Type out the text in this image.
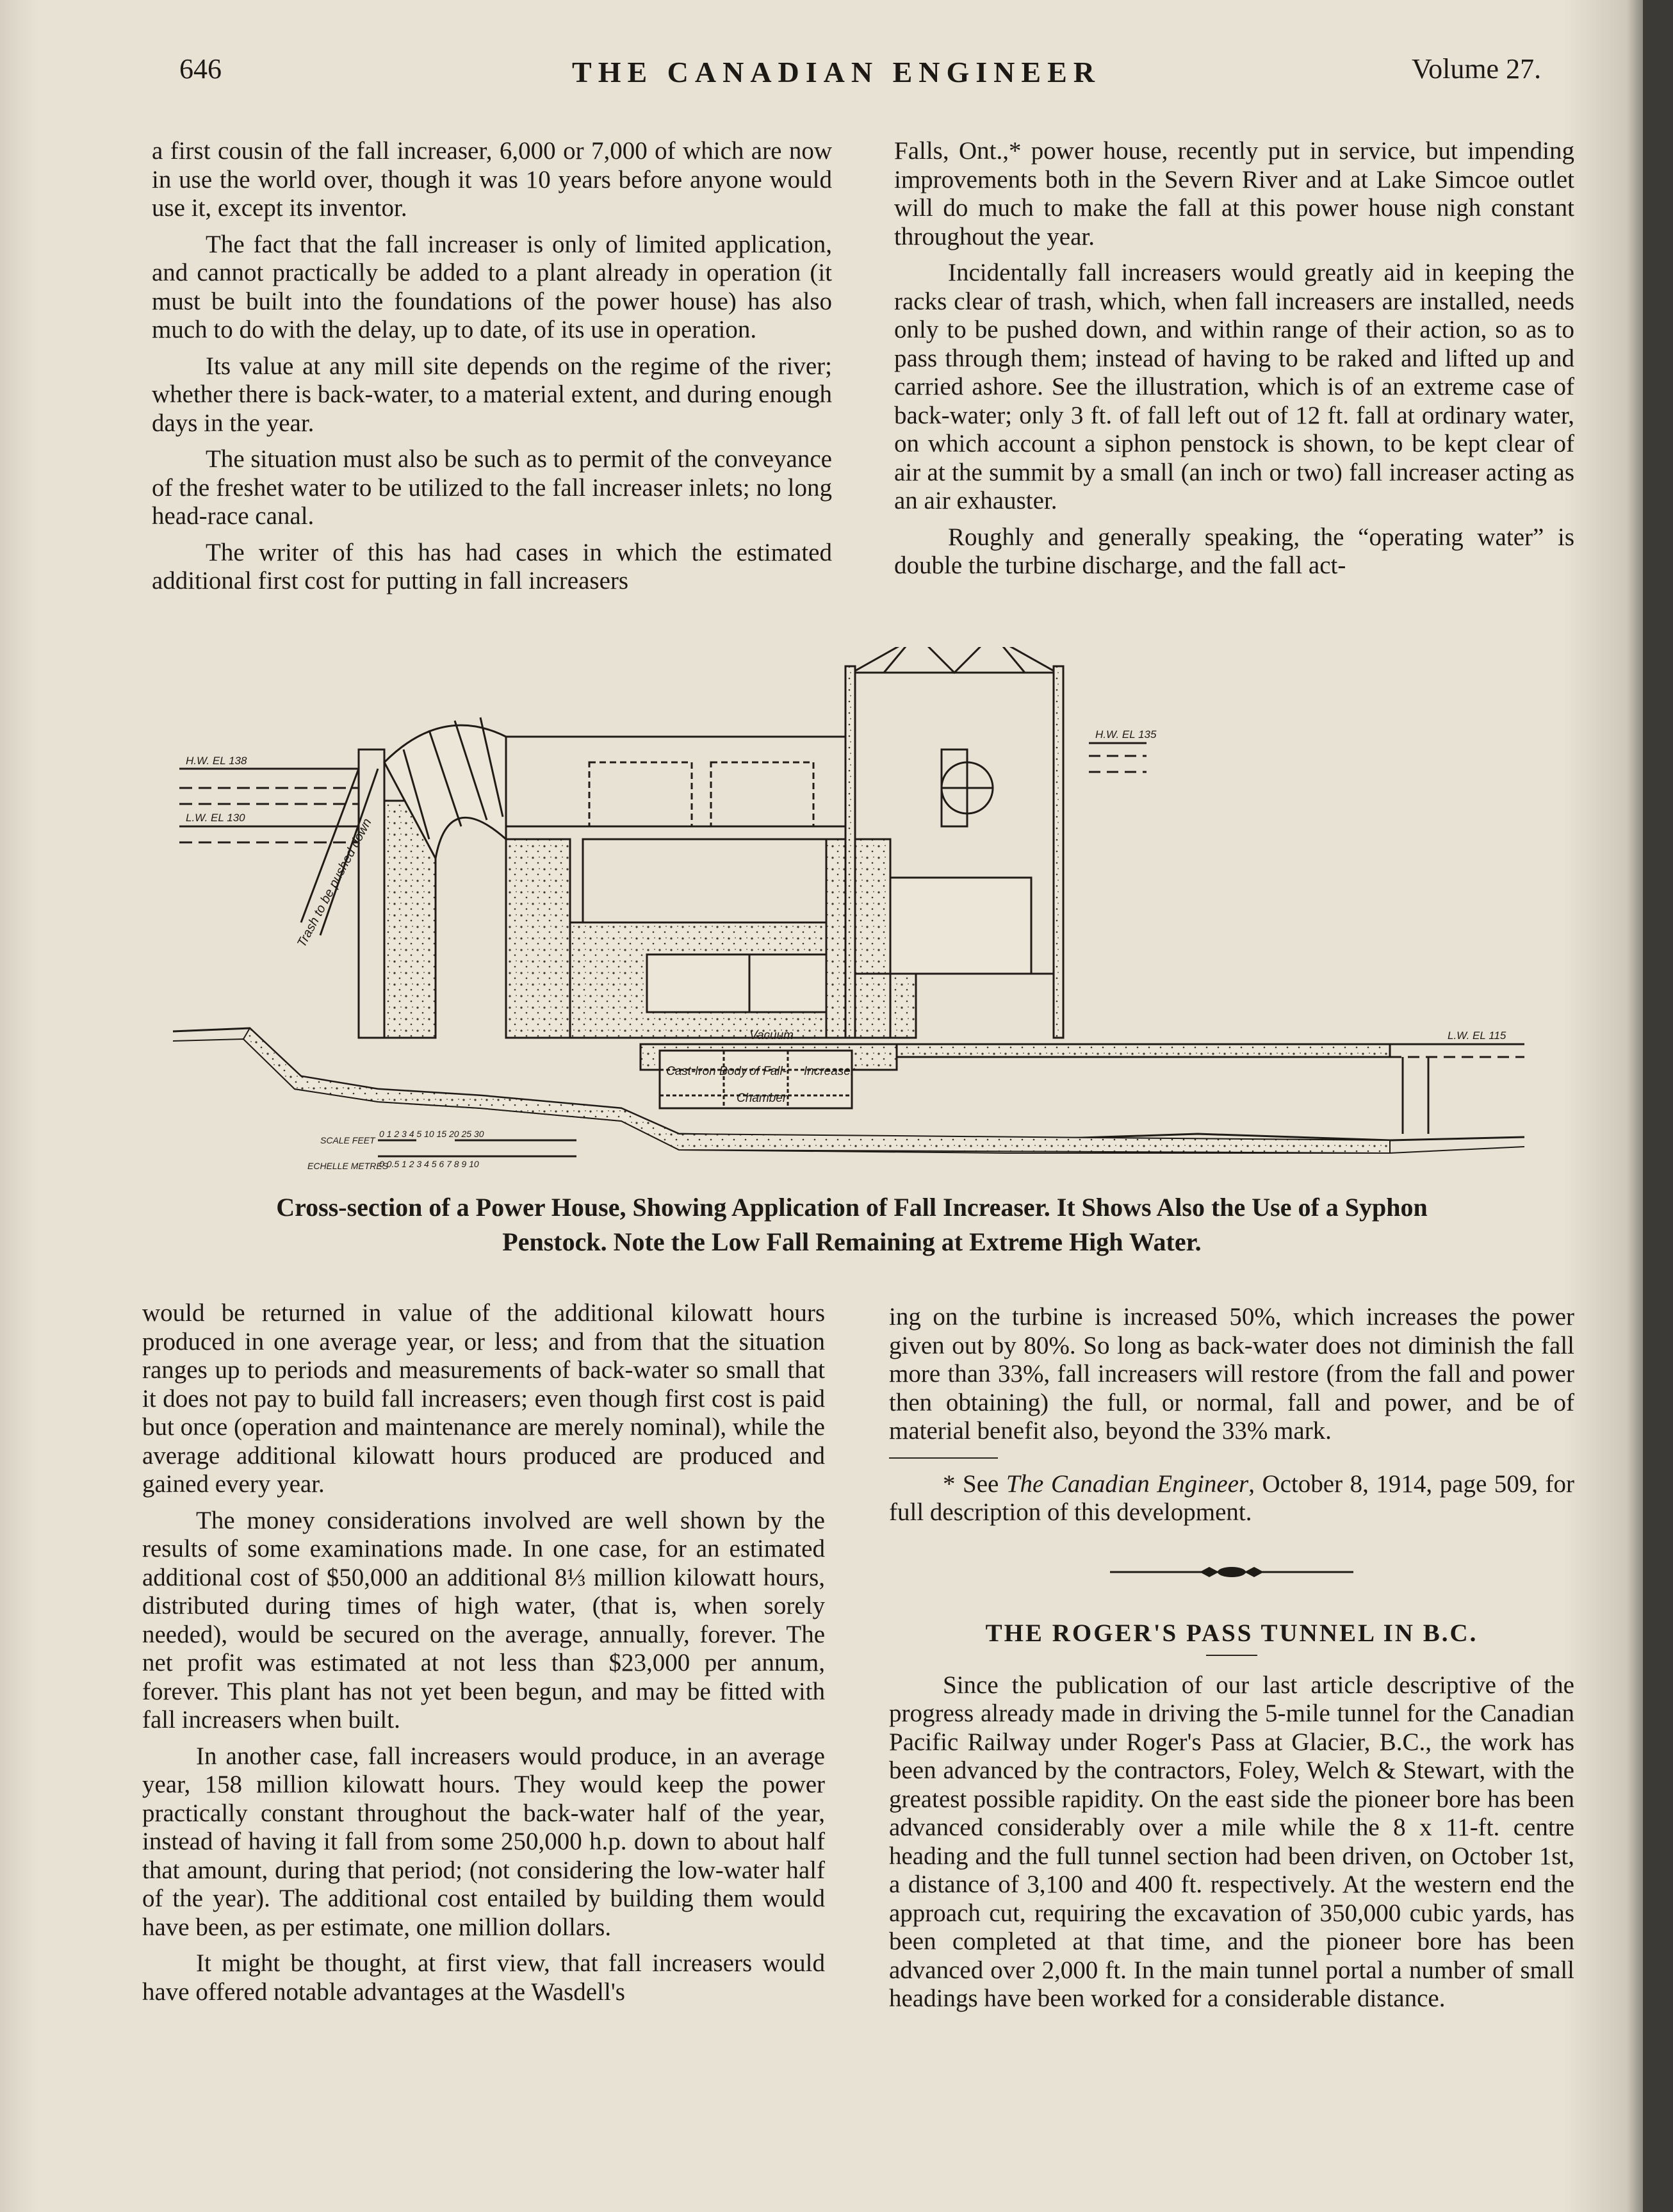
646	THE CANADIAN ENGINEER	Volume 27.

a first cousin of the fall increaser, 6,000 or 7,000 of which are now in use the world over, though it was 10 years before anyone would use it, except its inventor.

The fact that the fall increaser is only of limited application, and cannot practically be added to a plant already in operation (it must be built into the foundations of the power house) has also much to do with the delay, up to date, of its use in operation.

Its value at any mill site depends on the regime of the river; whether there is back-water, to a material extent, and during enough days in the year.

The situation must also be such as to permit of the conveyance of the freshet water to be utilized to the fall increaser inlets; no long head-race canal.

The writer of this has had cases in which the estimated additional first cost for putting in fall increasers

Falls, Ont.,* power house, recently put in service, but impending improvements both in the Severn River and at Lake Simcoe outlet will do much to make the fall at this power house nigh constant throughout the year.

Incidentally fall increasers would greatly aid in keeping the racks clear of trash, which, when fall increasers are installed, needs only to be pushed down, and within range of their action, so as to pass through them; instead of having to be raked and lifted up and carried ashore. See the illustration, which is of an extreme case of back-water; only 3 ft. of fall left out of 12 ft. fall at ordinary water, on which account a siphon penstock is shown, to be kept clear of air at the summit by a small (an inch or two) fall increaser acting as an air exhauster.

Roughly and generally speaking, the “operating water” is double the turbine discharge, and the fall act-

H.W. EL 138
L.W. EL 130	Trash to be pushed down
H.W. EL 135
L.W. EL 115
Vacuum
Cast- Iron Body of Fall- Increaser
Chamber
SCALE FEET
0 1 2 3 4 5 10 15 20 25 30
ECHELLE METRES
0 0.5 1 2 3 4 5 6 7 8 9 10
Cross-section of a Power House, Showing Application of Fall Increaser. It Shows Also the Use of a Syphon
Penstock. Note the Low Fall Remaining at Extreme High Water.

would be returned in value of the additional kilowatt hours produced in one average year, or less; and from that the situation ranges up to periods and measurements of back-water so small that it does not pay to build fall increasers; even though first cost is paid but once (operation and maintenance are merely nominal), while the average additional kilowatt hours produced are produced and gained every year.

The money considerations involved are well shown by the results of some examinations made. In one case, for an estimated additional cost of $50,000 an additional 8⅓ million kilowatt hours, distributed during times of high water, (that is, when sorely needed), would be secured on the average, annually, forever. The net profit was estimated at not less than $23,000 per annum, forever. This plant has not yet been begun, and may be fitted with fall increasers when built.

In another case, fall increasers would produce, in an average year, 158 million kilowatt hours. They would keep the power practically constant throughout the back-water half of the year, instead of having it fall from some 250,000 h.p. down to about half that amount, during that period; (not considering the low-water half of the year). The additional cost entailed by building them would have been, as per estimate, one million dollars.

It might be thought, at first view, that fall increasers would have offered notable advantages at the Wasdell's

ing on the turbine is increased 50%, which increases the power given out by 80%. So long as back-water does not diminish the fall more than 33%, fall increasers will restore (from the fall and power then obtaining) the full, or normal, fall and power, and be of material benefit also, beyond the 33% mark.

* See The Canadian Engineer, October 8, 1914, page 509, for full description of this development.

THE ROGER'S PASS TUNNEL IN B.C.

Since the publication of our last article descriptive of the progress already made in driving the 5-mile tunnel for the Canadian Pacific Railway under Roger's Pass at Glacier, B.C., the work has been advanced by the contractors, Foley, Welch & Stewart, with the greatest possible rapidity. On the east side the pioneer bore has been advanced considerably over a mile while the 8 x 11-ft. centre heading and the full tunnel section had been driven, on October 1st, a distance of 3,100 and 400 ft. respectively. At the western end the approach cut, requiring the excavation of 350,000 cubic yards, has been completed at that time, and the pioneer bore has been advanced over 2,000 ft. In the main tunnel portal a number of small headings have been worked for a considerable distance.
